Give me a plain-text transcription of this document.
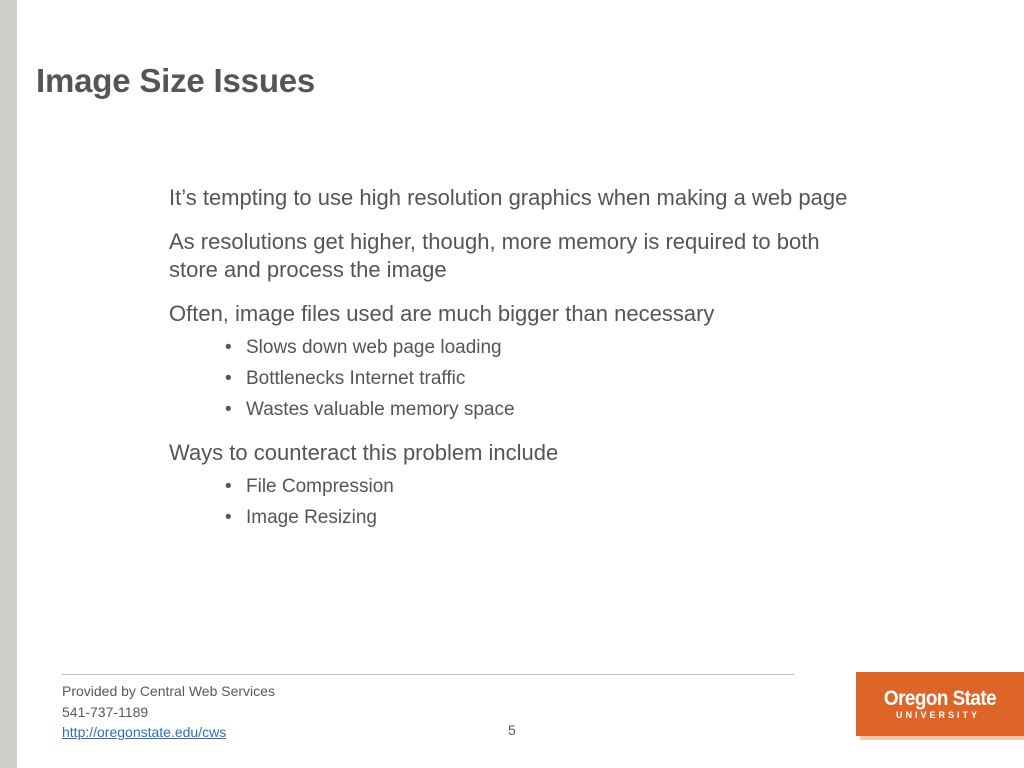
Image Size Issues

It’s tempting to use high resolution graphics when making a web page

As resolutions get higher, though, more memory is required to both store and process the image

Often, image files used are much bigger than necessary

• Slows down web page loading
• Bottlenecks Internet traffic
• Wastes valuable memory space

Ways to counteract this problem include

• File Compression
• Image Resizing
Provided by Central Web Services
541-737-1189
http://oregonstate.edu/cws	5
Oregon State
UNIVERSITY
